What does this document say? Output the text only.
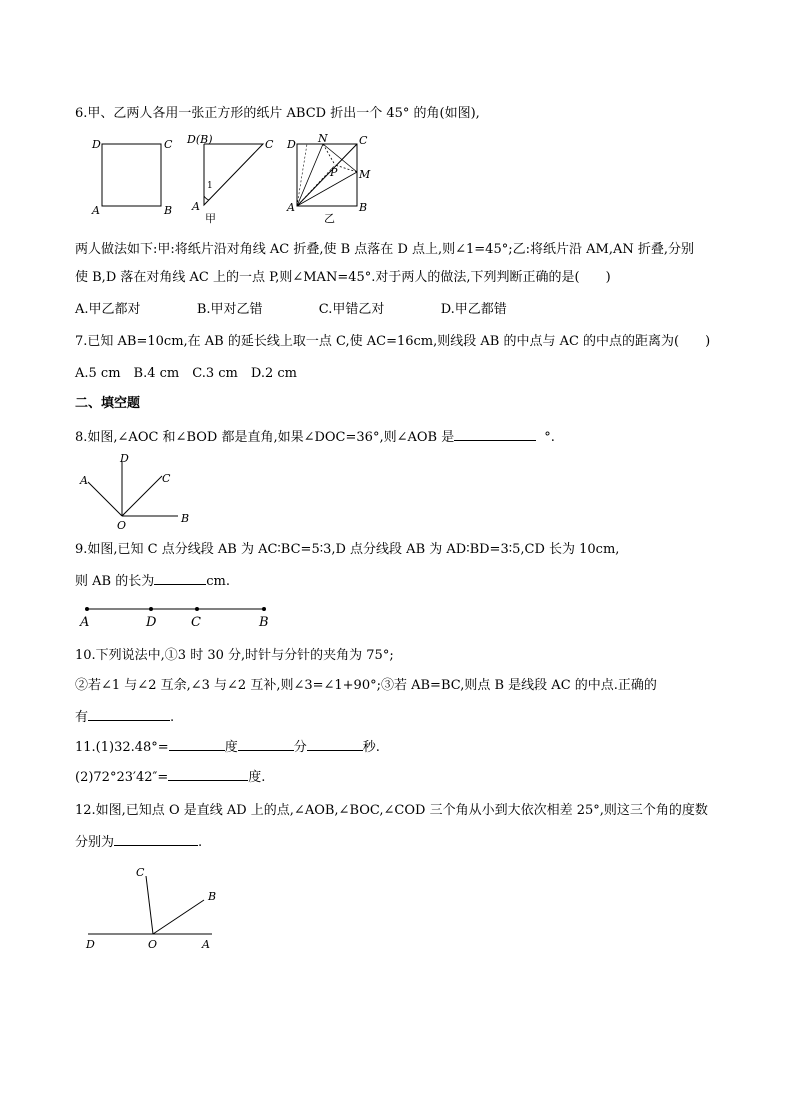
6.甲、乙两人各用一张正方形的纸片 ABCD 折出一个 45° 的角(如图),
D	C
A	B
D(B)	C
A
1
甲
D N	C
P M
A	B
乙
两人做法如下:甲:将纸片沿对角线 AC 折叠,使 B 点落在 D 点上,则∠1=45°;乙:将纸片沿 AM,AN 折叠,分别
使 B,D 落在对角线 AC 上的一点 P,则∠MAN=45°.对于两人的做法,下列判断正确的是(　　)
A.甲乙都对	B.甲对乙错	C.甲错乙对	D.甲乙都错
7.已知 AB=10cm,在 AB 的延长线上取一点 C,使 AC=16cm,则线段 AB 的中点与 AC 的中点的距离为(　　)
A.5 cm　B.4 cm　C.3 cm　D.2 cm
二、填空题
8.如图,∠AOC 和∠BOD 都是直角,如果∠DOC=36°,则∠AOB 是	°.
D
A	C
O
B
9.如图,已知 C 点分线段 AB 为 AC∶BC=5∶3,D 点分线段 AB 为 AD∶BD=3∶5,CD 长为 10cm,
则 AB 的长为	cm.
A	D	C	B
10.下列说法中,①3 时 30 分,时针与分针的夹角为 75°;
②若∠1 与∠2 互余,∠3 与∠2 互补,则∠3=∠1+90°;③若 AB=BC,则点 B 是线段 AC 的中点.正确的
有	.
11.(1)32.48°=	度	分	秒.
(2)72°23′42″=	度.
12.如图,已知点 O 是直线 AD 上的点,∠AOB,∠BOC,∠COD 三个角从小到大依次相差 25°,则这三个角的度数
分别为	.
C
B
D	O	A
